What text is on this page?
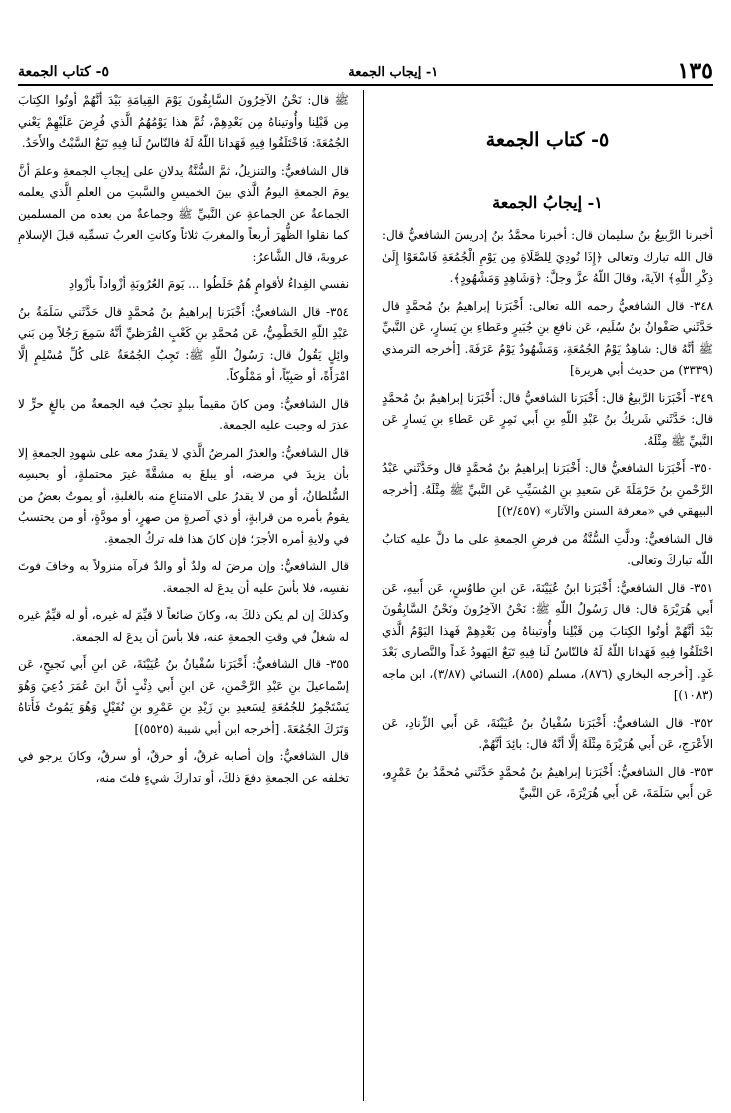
٥- كتاب الجمعة	١- إيجاب الجمعة	١٣٥

ﷺ قال: نَحْنُ الآخِرُونَ السَّابِقُونَ يَوْمَ القِيامَةِ بَيْدَ أنَّهُمْ أوتُوا الكِتابَ مِن قَبْلِنا وأُوتيناهُ مِن بَعْدِهِمْ، ثُمَّ هذا يَوْمُهُمُ الَّذي فُرِضَ عَلَيْهِمْ يَعْني الجُمُعَةَ: فَاخْتَلَفُوا فِيهِ فَهَدانا اللّهُ لَهُ فالنّاسُ لَنا فِيهِ تَبَعٌ السَّبْتُ والأَحَدُ.

قال الشافعيُّ: والتنزيلُ، ثمَّ السُّنَّةُ يدلانِ على إيجابِ الجمعةِ وعلمَ أنَّ يومَ الجمعةِ اليومُ الَّذي بينَ الخميسِ والسَّبتِ من العلمِ الَّذي يعلمه الجماعةُ عن الجماعةِ عن النَّبيِّ ﷺ وجماعةٌ من بعده من المسلمين كما نقلوا الظُّهرَ أربعاً والمغربَ ثلاثاً وكانتِ العربُ تسمِّيه قبلَ الإسلامِ عروبةَ، قال الشَّاعرُ:

نفسي الفِداءُ لأقوامٍ هُمُ خَلَطُوا ... يَومَ العُرُوبَةِ أزْواداً بأزْوادِ

٣٥٤- قال الشافعيُّ: أَخْبَرَنا إبراهيمُ بنُ مُحمَّدٍ قال حَدَّثَني سَلَمَةُ بنُ عَبْدِ اللّهِ الخَطْمِيُّ، عَن مُحمَّدِ بنِ كَعْبٍ القُرَظيِّ أنَّهُ سَمِعَ رَجُلاً مِن بَني وائِلٍ يَقُولُ قال: رَسُولُ اللّهِ ﷺ: تَجِبُ الجُمُعَةُ عَلى كُلِّ مُسْلِمٍ إلَّا امْرَأَةً، أو صَبِيّاً، أو مَمْلُوكاً.

قال الشافعيُّ: ومن كانَ مقيماً ببلدٍ تجبُ فيه الجمعةُ من بالغٍ حرٍّ لا عذرَ له وجبت عليه الجمعة.

قال الشافعيُّ: والعذرُ المرضُ الَّذي لا يقدرُ معه على شهودِ الجمعةِ إلا بأن يزيدَ في مرضه، أو يبلغَ به مشقَّةً غيرَ محتملةٍ، أو بحبسِه السُّلطانُ، أو من لا يقدرُ على الامتناعِ منه بالغلبةِ، أو يموتُ بعضُ من يقومُ بأمره من قرابةٍ، أو ذي آصرةٍ من صهرٍ، أو مودَّةٍ، أو من يحتسبُ في ولايةِ أمره الأجرَ؛ فإن كانَ هذا فله تركُ الجمعةِ.

قال الشافعيُّ: وإن مرضَ له ولدٌ أو والدٌ فرآه منزولاً به وخافَ فوتَ نفسِه، فلا بأسَ عليه أن يدعَ له الجمعة.

وكذلكَ إن لم يكن ذلكَ به، وكانَ ضائعاً لا قيِّمَ له غيره، أو له قيِّمٌ غيره له شغلٌ في وقتِ الجمعةِ عنه، فلا بأسَ أن يدعَ له الجمعة.

٣٥٥- قال الشافعيُّ: أَخْبَرَنا سُفْيانُ بنُ عُيَيْنَةَ، عَن ابنِ أَبي نَجيحٍ، عَن إسْماعيلَ بنِ عَبْدِ الرَّحْمنِ، عَن ابنِ أَبي ذِئْبٍ أنَّ ابنَ عُمَرَ دُعِيَ وَهُوَ يَسْتَجْمِرُ للجُمُعَةِ لِسَعيدِ بنِ زَيْدِ بنِ عَمْرِو بنِ نُفَيْلٍ وَهُوَ يَمُوتُ فَأَتاهُ وَتَرَكَ الجُمُعَةَ. [أخرجه ابن أبي شيبة (٥٥٢٥)]

قال الشافعيُّ: وإن أصابه غرقٌ، أو حرقٌ، أو سرقٌ، وكانَ يرجو في تخلفه عن الجمعةِ دفعَ ذلكَ، أو تداركَ شيءٍ فلتَ منه،

٥- كتاب الجمعة
١- إيجابُ الجمعة

أخبرنا الرَّبيعُ بنُ سليمان قال: أخبرنا محمَّدُ بنُ إدريسَ الشافعيُّ قال: قال الله تبارك وتعالى ﴿إِذَا نُودِيَ لِلصَّلَاةِ مِن يَوْمِ الْجُمُعَةِ فَاسْعَوْا إِلَىٰ ذِكْرِ اللَّهِ﴾ الآيةَ، وقالَ اللّهُ عزَّ وجلَّ: ﴿وَشَاهِدٍ وَمَشْهُودٍ﴾.

٣٤٨- قال الشافعيُّ رحمه الله تعالى: أَخْبَرَنا إبراهيمُ بنُ مُحمَّدٍ قال حَدَّثَني صَفْوانُ بنُ سُلَيم، عَن نافعِ بنِ جُبَيرٍ وعَطاءِ بنِ يَسارٍ، عَن النَّبيِّ ﷺ أنَّهُ قال: شاهِدٌ يَوْمُ الجُمُعَةِ، وَمَشْهُودٌ يَوْمُ عَرَفَةَ. [أخرجه الترمذي (٣٣٣٩) من حديث أبي هريرة]

٣٤٩- أَخْبَرَنا الرَّبيعُ قال: أَخْبَرَنا الشافعيُّ قال: أَخْبَرَنا إبراهيمُ بنُ مُحمَّدٍ قال: حَدَّثَني شَريكُ بنُ عَبْدِ اللّهِ بنِ أَبي نَمِرٍ عَن عَطاءِ بنِ يَسارٍ عَن النَّبيِّ ﷺ مِثْلَهُ.

٣٥٠- أَخْبَرَنا الشافعيُّ قال: أَخْبَرَنا إبراهيمُ بنُ مُحمَّدٍ قال وحَدَّثَني عَبْدُ الرَّحْمنِ بنُ حَرْمَلَةَ عَن سَعيدِ بنِ المُسَيِّبِ عَن النَّبيِّ ﷺ مِثْلَهُ. [أخرجه البيهقي في «معرفة السنن والآثار» (٢/٤٥٧)]

قال الشافعيُّ: ودلَّتِ السُّنَّةُ من فرضِ الجمعةِ على ما دلَّ عليه كتابُ اللّه تباركَ وتعالى.

٣٥١- قال الشافعيُّ: أَخْبَرَنا ابنُ عُيَيْنَةَ، عَن ابنِ طاوُسٍ، عَن أَبيهِ، عَن أَبي هُرَيْرَةَ قال: قال رَسُولُ اللّهِ ﷺ: نَحْنُ الآخِرُونَ ونَحْنُ السَّابِقُونَ بَيْدَ أنَّهُمْ أوتُوا الكِتابَ مِن قَبْلِنا وأُوتيناهُ مِن بَعْدِهِمْ فَهذا اليَوْمُ الَّذي اخْتَلَفُوا فِيهِ فَهَدانا اللّهُ لَهُ فالنّاسُ لَنا فِيهِ تَبَعٌ اليَهودُ غَداً والنَّصارى بَعْدَ غَدٍ. [أخرجه البخاري (٨٧٦)، مسلم (٨٥٥)، النسائي (٣/٨٧)، ابن ماجه (١٠٨٣)]

٣٥٢- قال الشافعيُّ: أَخْبَرَنا سُفْيانُ بنُ عُيَيْنَةَ، عَن أَبي الزِّنادِ، عَن الأَعْرَجِ، عَن أَبي هُرَيْرَةَ مِثْلَهُ إلَّا أنَّهُ قال: بائِدَ أنَّهُمْ.

٣٥٣- قال الشافعيُّ: أَخْبَرَنا إبراهيمُ بنُ مُحمَّدٍ حَدَّثَني مُحمَّدُ بنُ عَمْرٍو، عَن أَبي سَلَمَةَ، عَن أَبي هُرَيْرَةَ، عَن النَّبيِّ
